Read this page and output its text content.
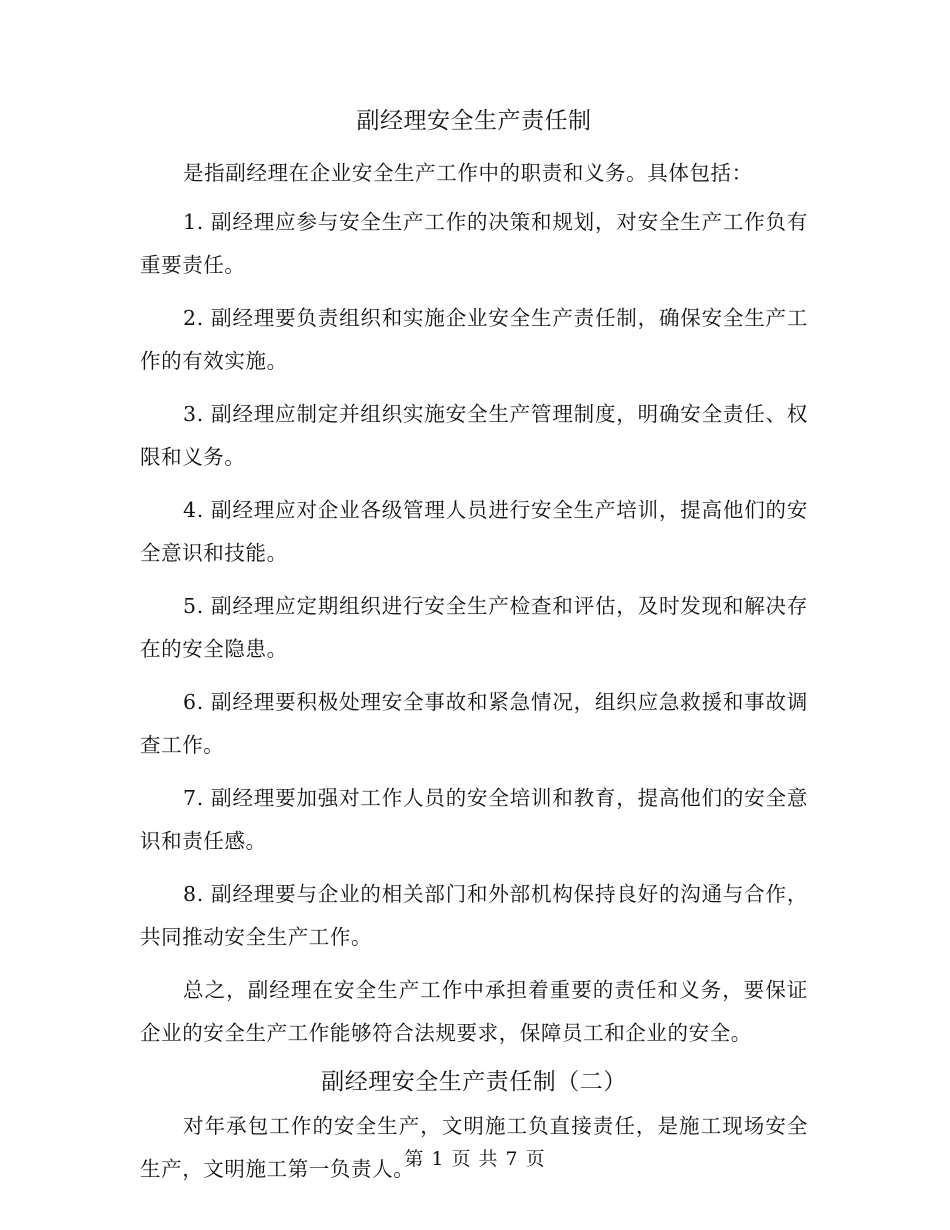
副经理安全生产责任制

是指副经理在企业安全生产工作中的职责和义务。具体包括：

1. 副经理应参与安全生产工作的决策和规划，对安全生产工作负有重要责任。

2. 副经理要负责组织和实施企业安全生产责任制，确保安全生产工作的有效实施。

3. 副经理应制定并组织实施安全生产管理制度，明确安全责任、权限和义务。

4. 副经理应对企业各级管理人员进行安全生产培训，提高他们的安全意识和技能。

5. 副经理应定期组织进行安全生产检查和评估，及时发现和解决存在的安全隐患。

6. 副经理要积极处理安全事故和紧急情况，组织应急救援和事故调查工作。

7. 副经理要加强对工作人员的安全培训和教育，提高他们的安全意识和责任感。

8. 副经理要与企业的相关部门和外部机构保持良好的沟通与合作，共同推动安全生产工作。

总之，副经理在安全生产工作中承担着重要的责任和义务，要保证企业的安全生产工作能够符合法规要求，保障员工和企业的安全。

副经理安全生产责任制（二）

对年承包工作的安全生产，文明施工负直接责任，是施工现场安全生产，文明施工第一负责人。

第 1 页 共 7 页
